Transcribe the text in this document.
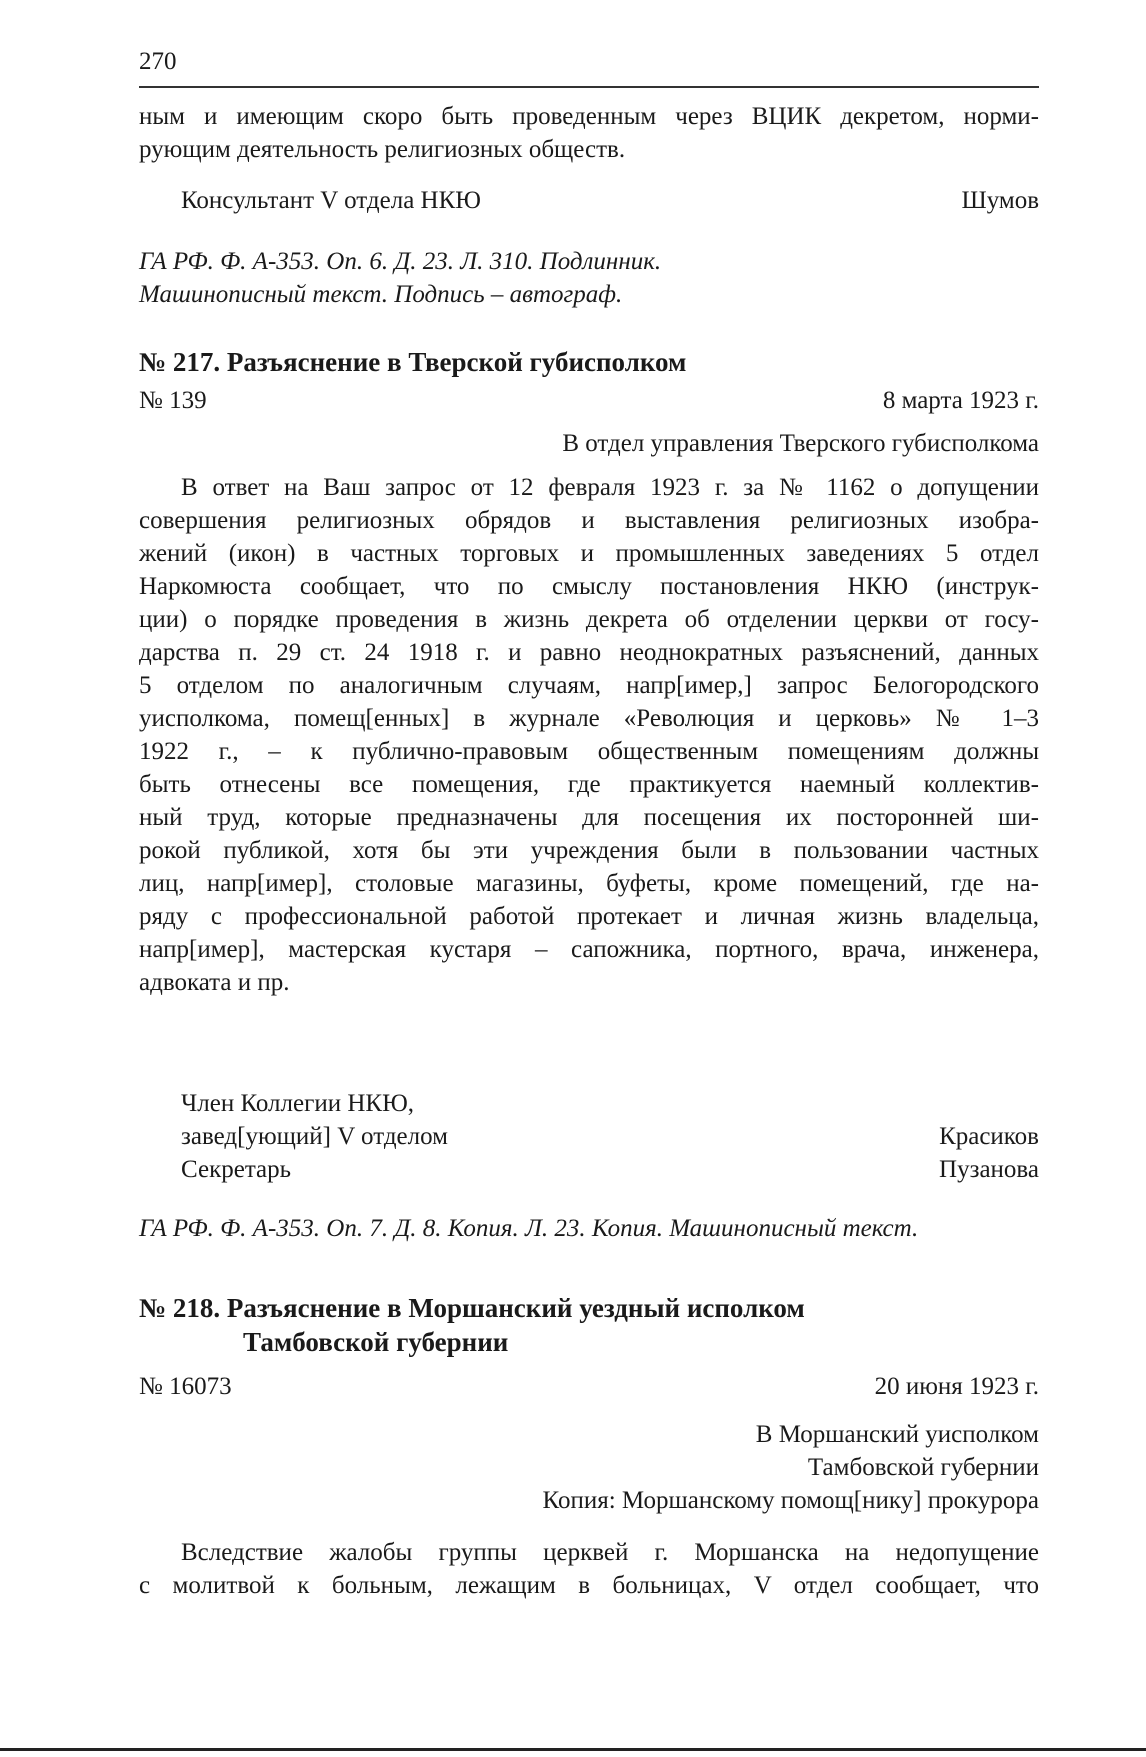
270
ным и имеющим скоро быть проведенным через ВЦИК декретом, норми-
рующим деятельность религиозных обществ.
Консультант V отдела НКЮ	Шумов
ГА РФ. Ф. А-353. Оп. 6. Д. 23. Л. 310. Подлинник.
Машинописный текст. Подпись – автограф.
№ 217. Разъяснение в Тверской губисполком
№ 139	8 марта 1923 г.
В отдел управления Тверского губисполкома
В ответ на Ваш запрос от 12 февраля 1923 г. за № 1162 о допущении
совершения религиозных обрядов и выставления религиозных изобра-
жений (икон) в частных торговых и промышленных заведениях 5 отдел
Наркомюста сообщает, что по смыслу постановления НКЮ (инструк-
ции) о порядке проведения в жизнь декрета об отделении церкви от госу-
дарства п. 29 ст. 24 1918 г. и равно неоднократных разъяснений, данных
5 отделом по аналогичным случаям, напр[имер,] запрос Белогородского
уисполкома, помещ[енных] в журнале «Революция и церковь» № 1–3
1922 г., – к публично-правовым общественным помещениям должны
быть отнесены все помещения, где практикуется наемный коллектив-
ный труд, которые предназначены для посещения их посторонней ши-
рокой публикой, хотя бы эти учреждения были в пользовании частных
лиц, напр[имер], столовые магазины, буфеты, кроме помещений, где на-
ряду с профессиональной работой протекает и личная жизнь владельца,
напр[имер], мастерская кустаря – сапожника, портного, врача, инженера,
адвоката и пр.
Член Коллегии НКЮ,
завед[ующий] V отделом	Красиков
Секретарь	Пузанова
ГА РФ. Ф. А-353. Оп. 7. Д. 8. Копия. Л. 23. Копия. Машинописный текст.
№ 218. Разъяснение в Моршанский уездный исполком
Тамбовской губернии
№ 16073	20 июня 1923 г.
В Моршанский уисполком
Тамбовской губернии
Копия: Моршанскому помощ[нику] прокурора
Вследствие жалобы группы церквей г. Моршанска на недопущение
с молитвой к больным, лежащим в больницах, V отдел сообщает, что
